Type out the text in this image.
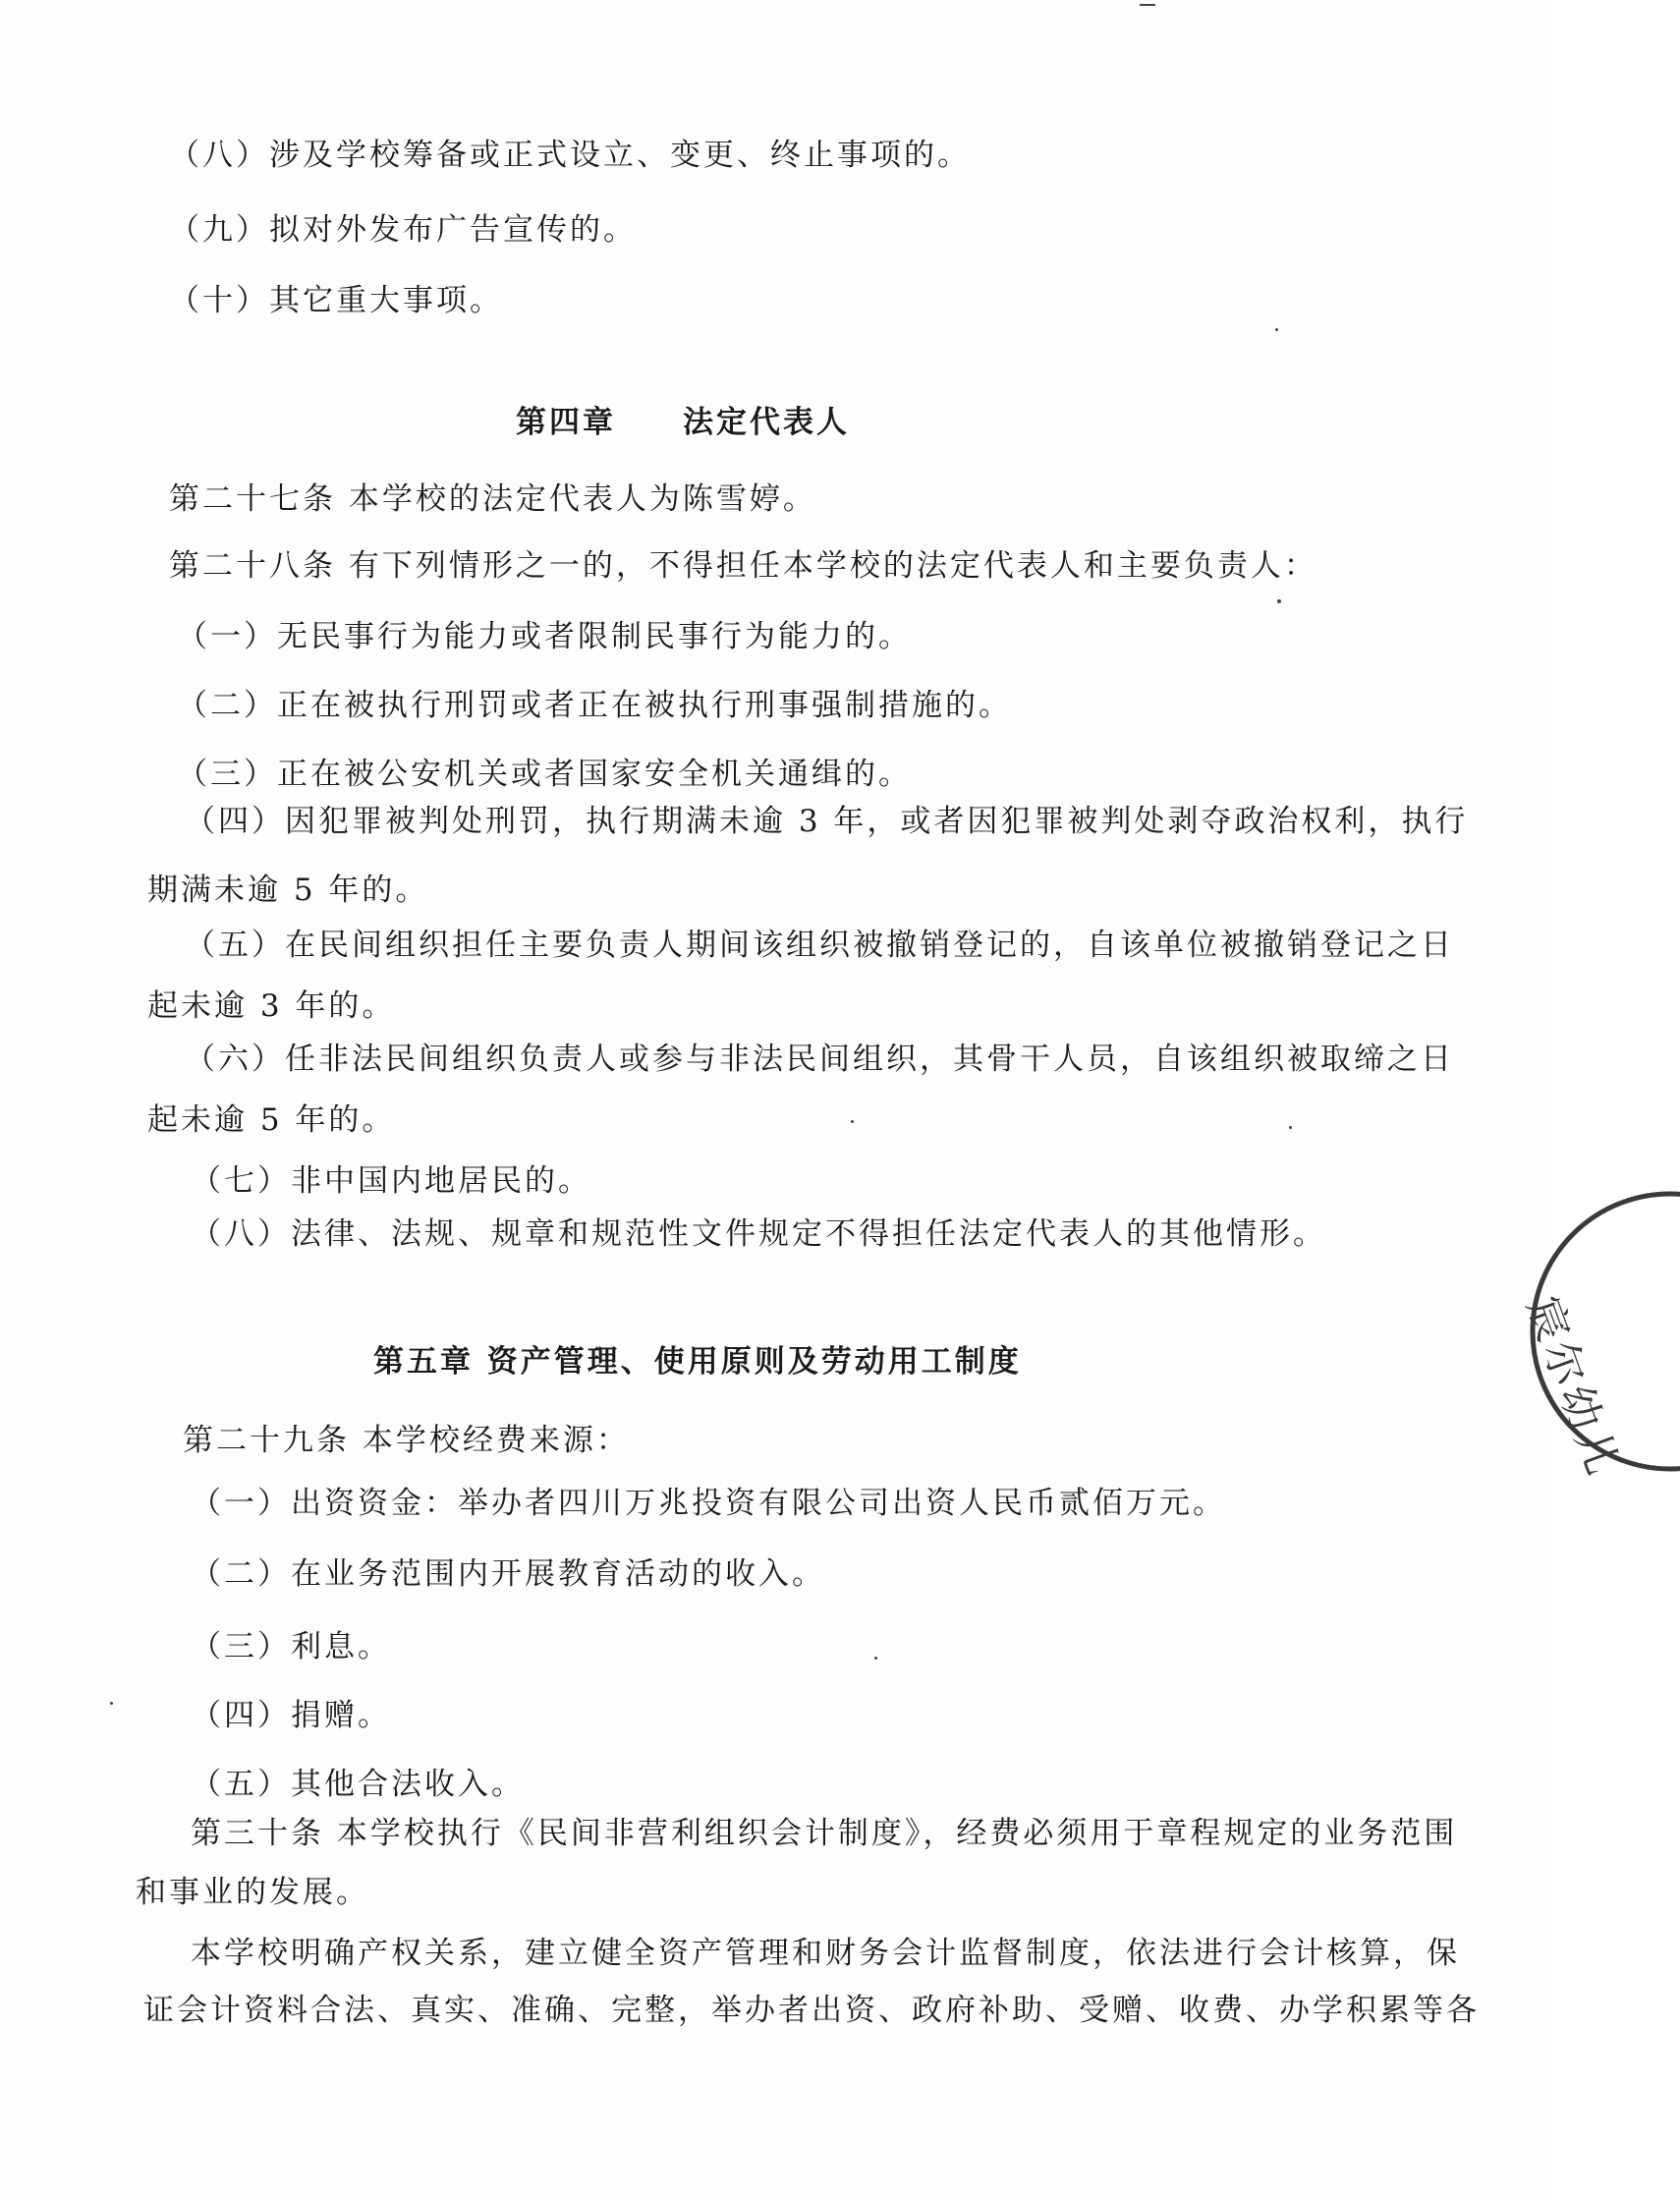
（八）涉及学校筹备或正式设立、变更、终止事项的。
（九）拟对外发布广告宣传的。
（十）其它重大事项。
第四章　　法定代表人
第二十七条 本学校的法定代表人为陈雪婷。
第二十八条 有下列情形之一的，不得担任本学校的法定代表人和主要负责人：
（一）无民事行为能力或者限制民事行为能力的。
（二）正在被执行刑罚或者正在被执行刑事强制措施的。
（三）正在被公安机关或者国家安全机关通缉的。
（四）因犯罪被判处刑罚，执行期满未逾 3 年，或者因犯罪被判处剥夺政治权利，执行
期满未逾 5 年的。
（五）在民间组织担任主要负责人期间该组织被撤销登记的，自该单位被撤销登记之日
起未逾 3 年的。
（六）任非法民间组织负责人或参与非法民间组织，其骨干人员，自该组织被取缔之日
起未逾 5 年的。
（七）非中国内地居民的。
（八）法律、法规、规章和规范性文件规定不得担任法定代表人的其他情形。
第五章 资产管理、使用原则及劳动用工制度
第二十九条 本学校经费来源：
（一）出资资金：举办者四川万兆投资有限公司出资人民币贰佰万元。
（二）在业务范围内开展教育活动的收入。
（三）利息。
（四）捐赠。
（五）其他合法收入。
第三十条 本学校执行《民间非营利组织会计制度》，经费必须用于章程规定的业务范围
和事业的发展。
本学校明确产权关系，建立健全资产管理和财务会计监督制度，依法进行会计核算，保
证会计资料合法、真实、准确、完整，举办者出资、政府补助、受赠、收费、办学积累等各
宸尔幼儿
